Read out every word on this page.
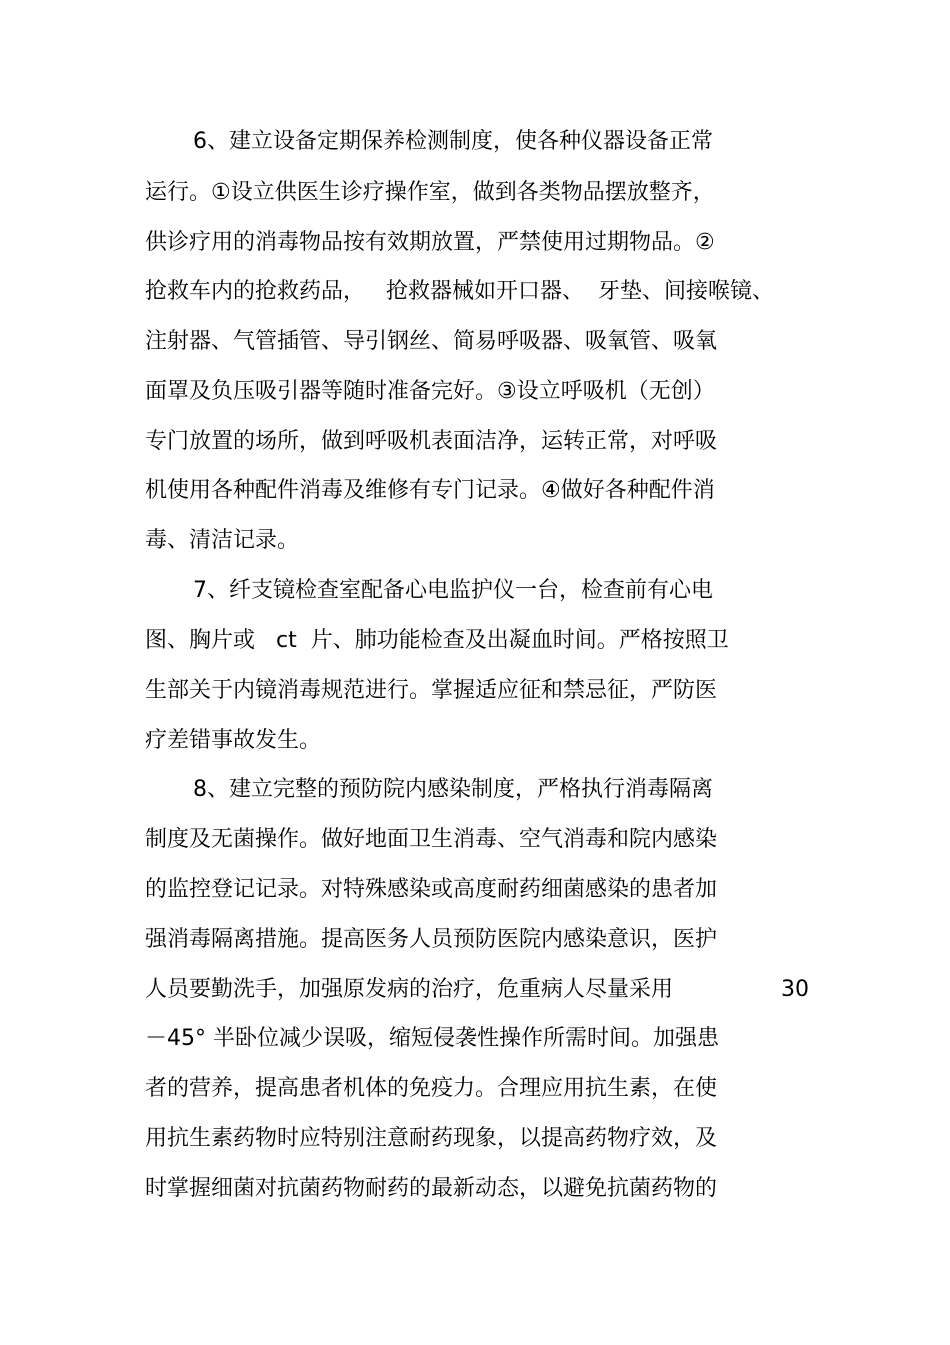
6、建立设备定期保养检测制度，使各种仪器设备正常
运行。①设立供医生诊疗操作室，做到各类物品摆放整齐，
供诊疗用的消毒物品按有效期放置，严禁使用过期物品。②
抢救车内的抢救药品，   抢救器械如开口器、  牙垫、间接喉镜、
注射器、气管插管、导引钢丝、简易呼吸器、吸氧管、吸氧
面罩及负压吸引器等随时准备完好。③设立呼吸机（无创）
专门放置的场所，做到呼吸机表面洁净，运转正常，对呼吸
机使用各种配件消毒及维修有专门记录。④做好各种配件消
毒、清洁记录。
7、纤支镜检查室配备心电监护仪一台，检查前有心电
图、胸片或   ct  片、肺功能检查及出凝血时间。严格按照卫
生部关于内镜消毒规范进行。掌握适应征和禁忌征，严防医
疗差错事故发生。
8、建立完整的预防院内感染制度，严格执行消毒隔离
制度及无菌操作。做好地面卫生消毒、空气消毒和院内感染
的监控登记记录。对特殊感染或高度耐药细菌感染的患者加
强消毒隔离措施。提高医务人员预防医院内感染意识，医护
人员要勤洗手，加强原发病的治疗，危重病人尽量采用	30
－45° 半卧位减少误吸，缩短侵袭性操作所需时间。加强患
者的营养，提高患者机体的免疫力。合理应用抗生素，在使
用抗生素药物时应特别注意耐药现象，以提高药物疗效，及
时掌握细菌对抗菌药物耐药的最新动态，以避免抗菌药物的
